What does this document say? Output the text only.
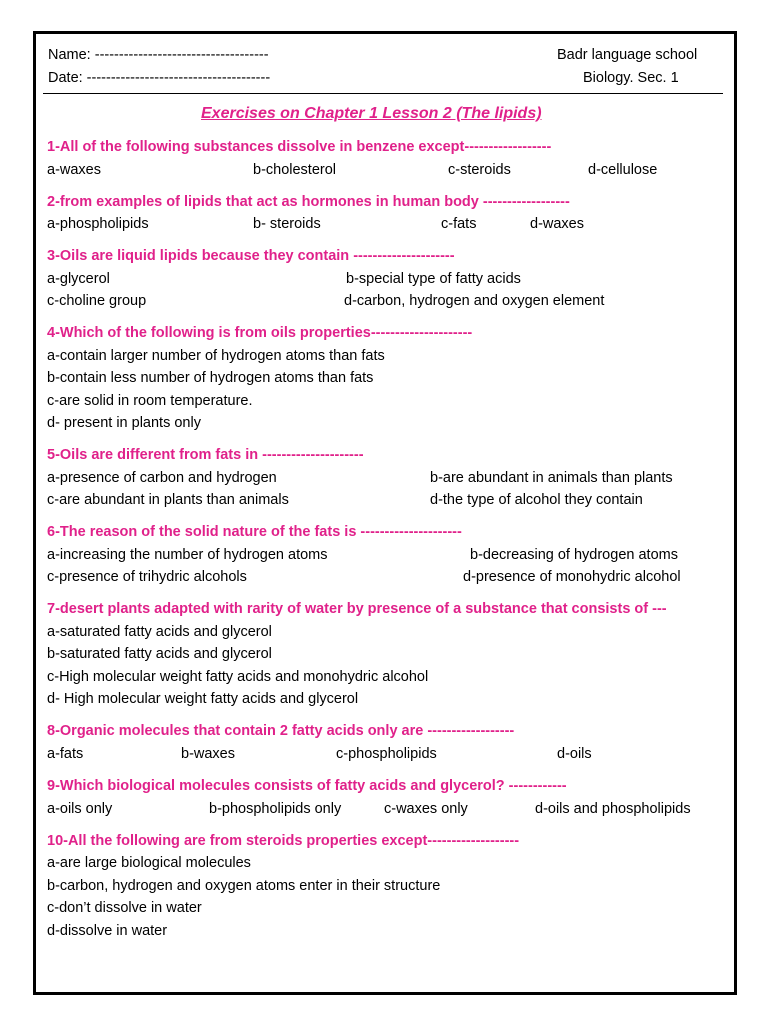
Name: ------------------------------------
Date: --------------------------------------
Badr language school
Biology. Sec. 1
Exercises on Chapter 1 Lesson 2 (The lipids)
1-All of the following substances dissolve in benzene except------------------
a-waxes	b-cholesterol	c-steroids	d-cellulose
2-from examples of lipids that act as hormones in human body ------------------
a-phospholipids	b- steroids	c-fats	d-waxes
3-Oils are liquid lipids because they contain ---------------------
a-glycerol	b-special type of fatty acids
c-choline group	d-carbon, hydrogen and oxygen element
4-Which of the following is from oils properties---------------------
a-contain larger number of hydrogen atoms than fats
b-contain less number of hydrogen atoms than fats
c-are solid in room temperature.
d- present in plants only
5-Oils are different from fats in ---------------------
a-presence of carbon and hydrogen	b-are abundant in animals than plants
c-are abundant in plants than animals	d-the type of alcohol they contain
6-The reason of the solid nature of the fats is ---------------------
a-increasing the number of hydrogen atoms	b-decreasing of hydrogen atoms
c-presence of trihydric alcohols	d-presence of monohydric alcohol
7-desert plants adapted with rarity of water by presence of a substance that consists of ---
a-saturated fatty acids and glycerol
b-saturated fatty acids and glycerol
c-High molecular weight fatty acids and monohydric alcohol
d- High molecular weight fatty acids and glycerol
8-Organic molecules that contain 2 fatty acids only are ------------------
a-fats	b-waxes	c-phospholipids	d-oils
9-Which biological molecules consists of fatty acids and glycerol? ------------
a-oils only	b-phospholipids only	c-waxes only	d-oils and phospholipids
10-All the following are from steroids properties except-------------------
a-are large biological molecules
b-carbon, hydrogen and oxygen atoms enter in their structure
c-don’t dissolve in water
d-dissolve in water
